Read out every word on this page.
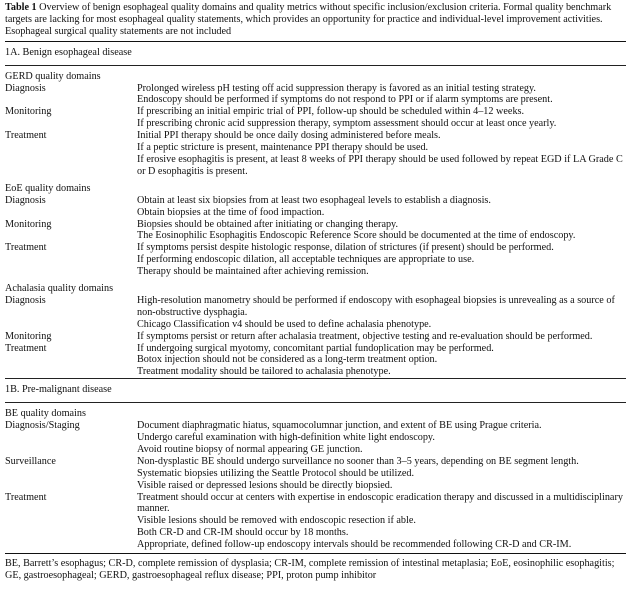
Table 1 Overview of benign esophageal quality domains and quality metrics without specific inclusion/exclusion criteria. Formal quality benchmark targets are lacking for most esophageal quality statements, which provides an opportunity for practice and individual-level improvement activities. Esophageal surgical quality statements are not included
1A. Benign esophageal disease
GERD quality domains
Diagnosis	Prolonged wireless pH testing off acid suppression therapy is favored as an initial testing strategy.
Endoscopy should be performed if symptoms do not respond to PPI or if alarm symptoms are present.
Monitoring	If prescribing an initial empiric trial of PPI, follow-up should be scheduled within 4–12 weeks.
If prescribing chronic acid suppression therapy, symptom assessment should occur at least once yearly.
Treatment	Initial PPI therapy should be once daily dosing administered before meals.
If a peptic stricture is present, maintenance PPI therapy should be used.
If erosive esophagitis is present, at least 8 weeks of PPI therapy should be used followed by repeat EGD if LA Grade C or D esophagitis is present.
EoE quality domains
Diagnosis	Obtain at least six biopsies from at least two esophageal levels to establish a diagnosis.
Obtain biopsies at the time of food impaction.
Monitoring	Biopsies should be obtained after initiating or changing therapy.
The Eosinophilic Esophagitis Endoscopic Reference Score should be documented at the time of endoscopy.
Treatment	If symptoms persist despite histologic response, dilation of strictures (if present) should be performed.
If performing endoscopic dilation, all acceptable techniques are appropriate to use.
Therapy should be maintained after achieving remission.
Achalasia quality domains
Diagnosis	High-resolution manometry should be performed if endoscopy with esophageal biopsies is unrevealing as a source of non-obstructive dysphagia.
Chicago Classification v4 should be used to define achalasia phenotype.
Monitoring	If symptoms persist or return after achalasia treatment, objective testing and re-evaluation should be performed.
Treatment	If undergoing surgical myotomy, concomitant partial fundoplication may be performed.
Botox injection should not be considered as a long-term treatment option.
Treatment modality should be tailored to achalasia phenotype.
1B. Pre-malignant disease
BE quality domains
Diagnosis/Staging	Document diaphragmatic hiatus, squamocolumnar junction, and extent of BE using Prague criteria.
Undergo careful examination with high-definition white light endoscopy.
Avoid routine biopsy of normal appearing GE junction.
Surveillance	Non-dysplastic BE should undergo surveillance no sooner than 3–5 years, depending on BE segment length.
Systematic biopsies utilizing the Seattle Protocol should be utilized.
Visible raised or depressed lesions should be directly biopsied.
Treatment	Treatment should occur at centers with expertise in endoscopic eradication therapy and discussed in a multidisciplinary manner.
Visible lesions should be removed with endoscopic resection if able.
Both CR-D and CR-IM should occur by 18 months.
Appropriate, defined follow-up endoscopy intervals should be recommended following CR-D and CR-IM.
BE, Barrett’s esophagus; CR-D, complete remission of dysplasia; CR-IM, complete remission of intestinal metaplasia; EoE, eosinophilic esophagitis; GE, gastroesophageal; GERD, gastroesophageal reflux disease; PPI, proton pump inhibitor
